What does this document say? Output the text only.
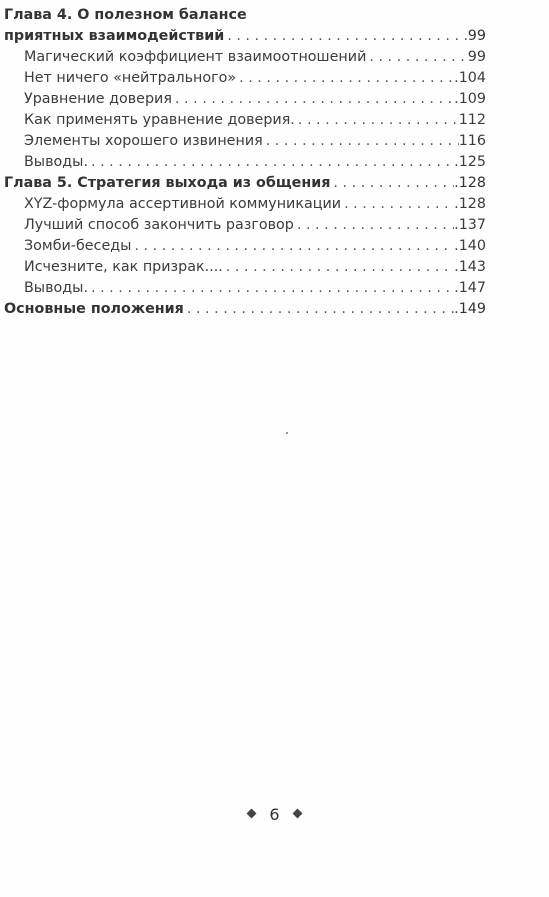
Глава 4. О полезном балансе
приятных взаимодействий . . .	99
Магический коэффициент взаимоотношений . . .	99
Нет ничего «нейтрального» . . .	.104
Уравнение доверия . . .	.109
Как применять уравнение доверия. . . .	112
Элементы хорошего извинения . . .	116
Выводы. . . .	.125
Глава 5. Стратегия выхода из общения . . .	.128
XYZ-формула ассертивной коммуникации . . .	.128
Лучший способ закончить разговор . . .	.137
Зомби-беседы . . .	.140
Исчезните, как призрак.... . . .	.143
Выводы. . . .	.147
Основные положения . . .	.149
6
